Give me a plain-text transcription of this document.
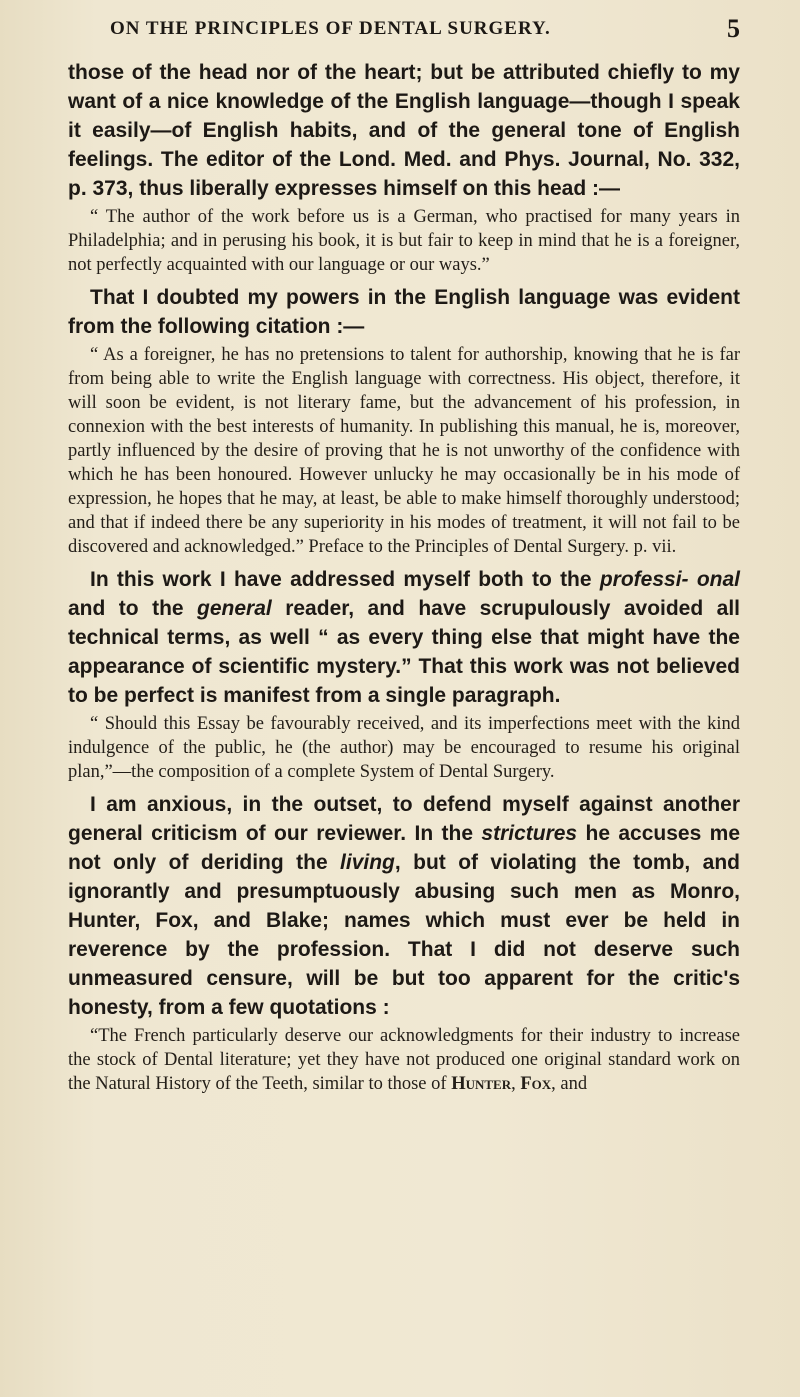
ON THE PRINCIPLES OF DENTAL SURGERY.	5

those of the head nor of the heart; but be attributed chiefly to my want of a nice knowledge of the English language—though I speak it easily—of English habits, and of the general tone of English feelings. The editor of the Lond. Med. and Phys. Journal, No. 332, p. 373, thus liberally expresses himself on this head :—

“ The author of the work before us is a German, who practised for many years in Philadelphia; and in perusing his book, it is but fair to keep in mind that he is a foreigner, not perfectly acquainted with our language or our ways.”

That I doubted my powers in the English language was evident from the following citation :—

“ As a foreigner, he has no pretensions to talent for authorship, knowing that he is far from being able to write the English language with correctness. His object, therefore, it will soon be evident, is not literary fame, but the advancement of his profession, in connexion with the best interests of humanity. In publishing this manual, he is, moreover, partly influenced by the desire of proving that he is not unworthy of the confidence with which he has been honoured. However unlucky he may occasionally be in his mode of expression, he hopes that he may, at least, be able to make himself thoroughly understood; and that if indeed there be any superiority in his modes of treatment, it will not fail to be discovered and acknowledged.” Preface to the Principles of Dental Surgery. p. vii.

In this work I have addressed myself both to the professi- onal and to the general reader, and have scrupulously avoided all technical terms, as well “ as every thing else that might have the appearance of scientific mystery.” That this work was not believed to be perfect is manifest from a single paragraph.

“ Should this Essay be favourably received, and its imperfections meet with the kind indulgence of the public, he (the author) may be encouraged to resume his original plan,”—the composition of a complete System of Dental Surgery.

I am anxious, in the outset, to defend myself against another general criticism of our reviewer. In the strictures he accuses me not only of deriding the living, but of violating the tomb, and ignorantly and presumptuously abusing such men as Monro, Hunter, Fox, and Blake; names which must ever be held in reverence by the profession. That I did not deserve such unmeasured censure, will be but too apparent for the critic's honesty, from a few quotations :

“The French particularly deserve our acknowledgments for their industry to increase the stock of Dental literature; yet they have not produced one original standard work on the Natural History of the Teeth, similar to those of Hunter, Fox, and
